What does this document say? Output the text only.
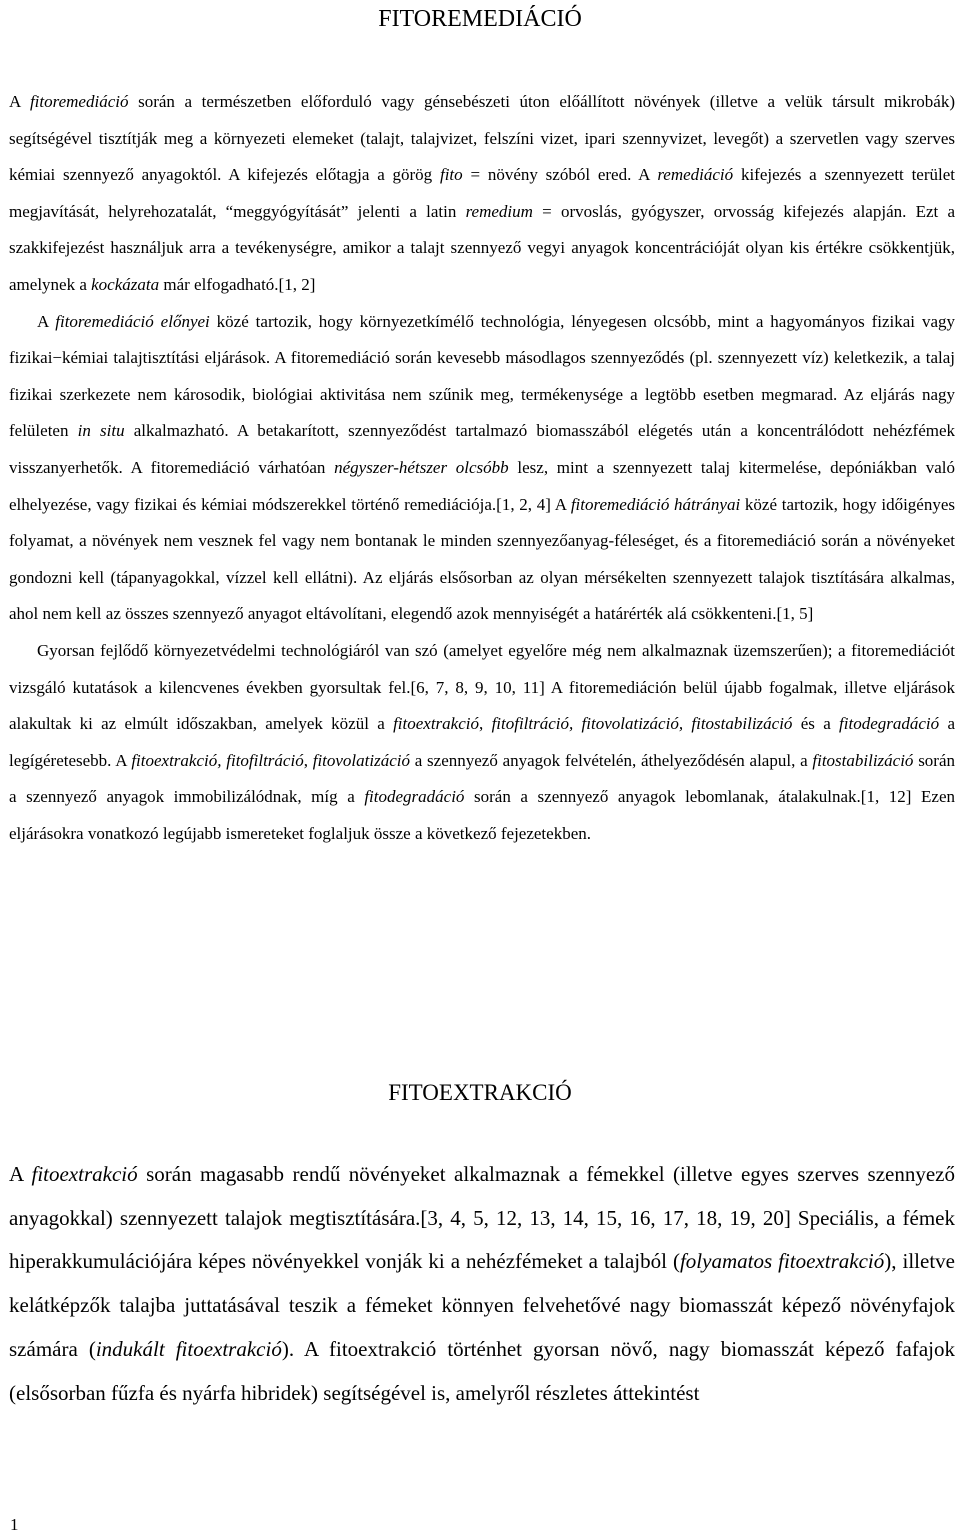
FITOREMEDIÁCIÓ

A fitoremediáció során a természetben előforduló vagy génsebészeti úton előállított növények (illetve a velük társult mikrobák) segítségével tisztítják meg a környezeti elemeket (talajt, talajvizet, felszíni vizet, ipari szennyvizet, levegőt) a szervetlen vagy szerves kémiai szennyező anyagoktól. A kifejezés előtagja a görög fito = növény szóból ered. A remediáció kifejezés a szennyezett terület megjavítását, helyrehozatalát, “meggyógyítását” jelenti a latin remedium = orvoslás, gyógyszer, orvosság kifejezés alapján. Ezt a szakkifejezést használjuk arra a tevékenységre, amikor a talajt szennyező vegyi anyagok koncentrációját olyan kis értékre csökkentjük, amelynek a kockázata már elfogadható.[1, 2]

A fitoremediáció előnyei közé tartozik, hogy környezetkímélő technológia, lényegesen olcsóbb, mint a hagyományos fizikai vagy fizikai−kémiai talajtisztítási eljárások. A fitoremediáció során kevesebb másodlagos szennyeződés (pl. szennyezett víz) keletkezik, a talaj fizikai szerkezete nem károsodik, biológiai aktivitása nem szűnik meg, termékenysége a legtöbb esetben megmarad. Az eljárás nagy felületen in situ alkalmazható. A betakarított, szennyeződést tartalmazó biomasszából elégetés után a koncentrálódott nehézfémek visszanyerhetők. A fitoremediáció várhatóan négyszer-hétszer olcsóbb lesz, mint a szennyezett talaj kitermelése, depóniákban való elhelyezése, vagy fizikai és kémiai módszerekkel történő remediációja.[1, 2, 4] A fitoremediáció hátrányai közé tartozik, hogy időigényes folyamat, a növények nem vesznek fel vagy nem bontanak le minden szennyezőanyag-féleséget, és a fitoremediáció során a növényeket gondozni kell (tápanyagokkal, vízzel kell ellátni). Az eljárás elsősorban az olyan mérsékelten szennyezett talajok tisztítására alkalmas, ahol nem kell az összes szennyező anyagot eltávolítani, elegendő azok mennyiségét a határérték alá csökkenteni.[1, 5]

Gyorsan fejlődő környezetvédelmi technológiáról van szó (amelyet egyelőre még nem alkalmaznak üzemszerűen); a fitoremediációt vizsgáló kutatások a kilencvenes években gyorsultak fel.[6, 7, 8, 9, 10, 11] A fitoremediáción belül újabb fogalmak, illetve eljárások alakultak ki az elmúlt időszakban, amelyek közül a fitoextrakció, fitofiltráció, fitovolatizáció, fitostabilizáció és a fitodegradáció a legígéretesebb. A fitoextrakció, fitofiltráció, fitovolatizáció a szennyező anyagok felvételén, áthelyeződésén alapul, a fitostabilizáció során a szennyező anyagok immobilizálódnak, míg a fitodegradáció során a szennyező anyagok lebomlanak, átalakulnak.[1, 12] Ezen eljárásokra vonatkozó legújabb ismereteket foglaljuk össze a következő fejezetekben.

FITOEXTRAKCIÓ

A fitoextrakció során magasabb rendű növényeket alkalmaznak a fémekkel (illetve egyes szerves szennyező anyagokkal) szennyezett talajok megtisztítására.[3, 4, 5, 12, 13, 14, 15, 16, 17, 18, 19, 20] Speciális, a fémek hiperakkumulációjára képes növényekkel vonják ki a nehézfémeket a talajból (folyamatos fitoextrakció), illetve kelátképzők talajba juttatásával teszik a fémeket könnyen felvehetővé nagy biomasszát képező növényfajok számára (indukált fitoextrakció). A fitoextrakció történhet gyorsan növő, nagy biomasszát képező fafajok (elsősorban fűzfa és nyárfa hibridek) segítségével is, amelyről részletes áttekintést

1
